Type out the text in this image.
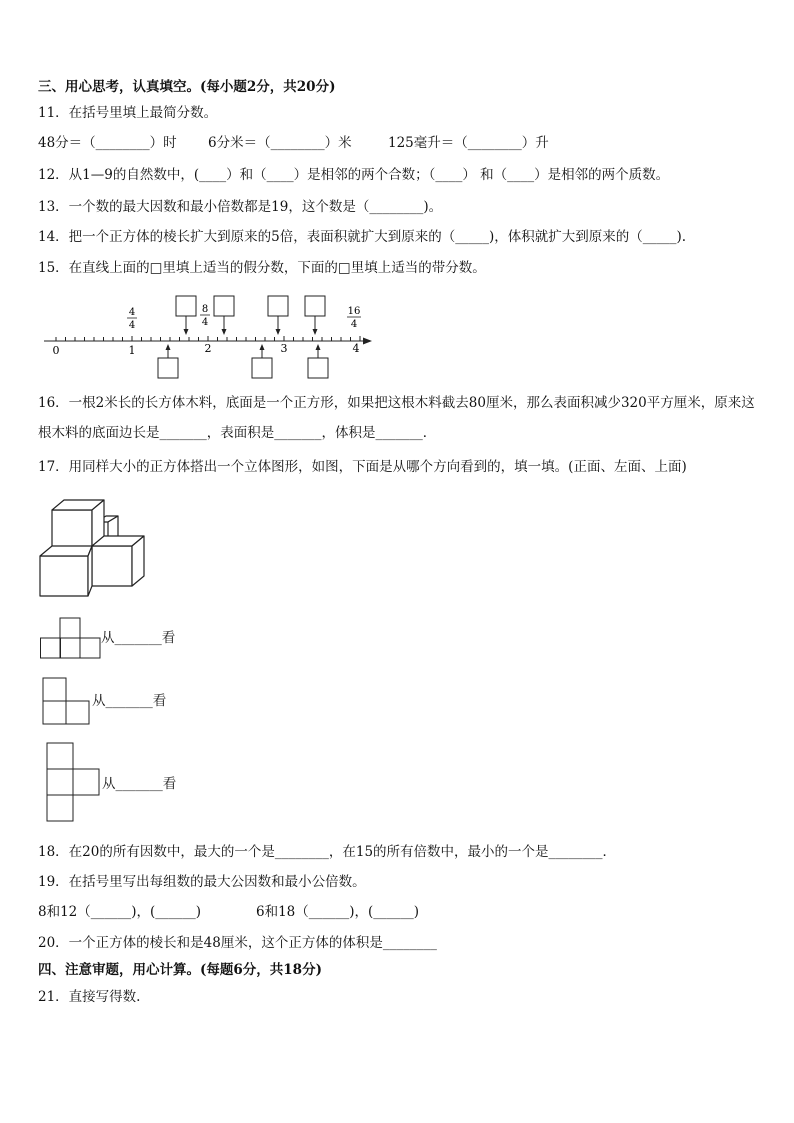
三、用心思考，认真填空。(每小题2分，共20分)
11．在括号里填上最简分数。
48分＝（________）时 6分米＝（________）米	125毫升＝（________）升
12．从1—9的自然数中，(____）和（____）是相邻的两个合数；（____） 和（____）是相邻的两个质数。
13．一个数的最大因数和最小倍数都是19，这个数是（________)。
14．把一个正方体的棱长扩大到原来的5倍，表面积就扩大到原来的（_____)，体积就扩大到原来的（_____).
15．在直线上面的□里填上适当的假分数，下面的□里填上适当的带分数。
0	1	2	3	4
4
4
8
4
16
4
16．一根2米长的长方体木料，底面是一个正方形，如果把这根木料截去80厘米，那么表面积减少320平方厘米，原来这根木料的底面边长是_______，表面积是_______，体积是_______．
17．用同样大小的正方体搭出一个立体图形，如图，下面是从哪个方向看到的，填一填。(正面、左面、上面)
从_______看
从_______看
从_______看
18．在20的所有因数中，最大的一个是________，在15的所有倍数中，最小的一个是________．
19．在括号里写出每组数的最大公因数和最小公倍数。
8和12（______)，(______)	6和18（______)，(______)
20．一个正方体的棱长和是48厘米，这个正方体的体积是________
四、注意审题，用心计算。(每题6分，共18分)
21．直接写得数.
